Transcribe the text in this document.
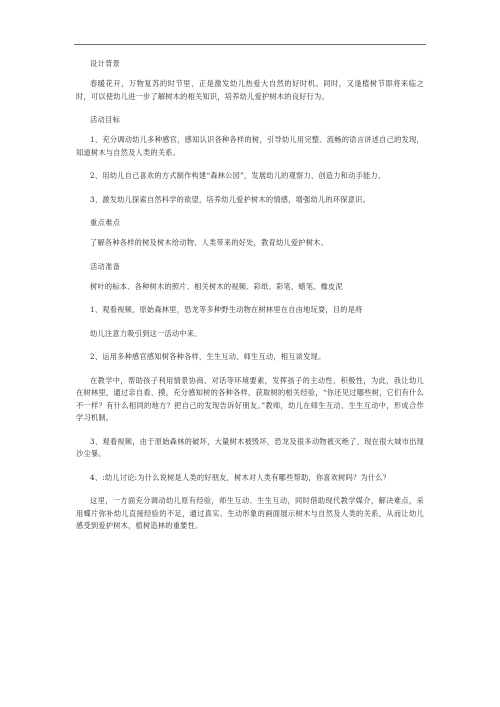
设计背景

春暖花开，万物复苏的时节里，正是激发幼儿热爱大自然的好时机。同时，又逢植树节即将来临之时，可以使幼儿进一步了解树木的相关知识，培养幼儿爱护树木的良好行为。

活动目标

1、充分调动幼儿多种感官，感知认识各种各样的树，引导幼儿用完整、流畅的语言讲述自己的发现，知道树木与自然及人类的关系。

2、用幼儿自己喜欢的方式制作构建“森林公园”，发展幼儿的观察力、创造力和动手能力。

3、激发幼儿探索自然科学的欲望，培养幼儿爱护树木的情感，增强幼儿的环保意识。

重点难点

了解各种各样的树及树木给动物、人类带来的好处，教育幼儿爱护树木。

活动准备

树叶的标本、各种树木的照片、相关树木的视频、彩纸、彩笔、蜡笔、橡皮泥

1、观看视频，原始森林里，恐龙等多种野生动物在树林里在自由地玩耍，目的是将

幼儿注意力吸引到这一活动中来。

2、运用多种感官感知树各种各样，生生互动、师生互动，相互谈发现。

在教学中，帮助孩子利用情景协商、对话等环境要素，发挥孩子的主动性、积极性，为此，我让幼儿在树林里，通过亲自看、摸，充分感知树的各种各样，获取树的相关经验，“你还见过哪些树，它们有什么不一样？有什么相同的地方？把自己的发现告诉好朋友。”教师，幼儿在师生互动、生生互动中，形成合作学习机制。

3、观看视频，由于原始森林的破坏，大量树木被毁坏，恐龙及很多动物被灭绝了，现在很大城市出现沙尘暴。

4、:幼儿讨论:为什么说树是人类的好朋友，树木对人类有哪些帮助，你喜欢树吗？为什么？

这里，一方面充分调动幼儿原有经验，师生互动、生生互动，同时借助现代教学媒介，解决难点，采用蝶片弥补幼儿直接经验的不足，通过真实、生动形象的画面展示树木与自然及人类的关系，从而让幼儿感受到爱护树木，植树造林的重要性。
